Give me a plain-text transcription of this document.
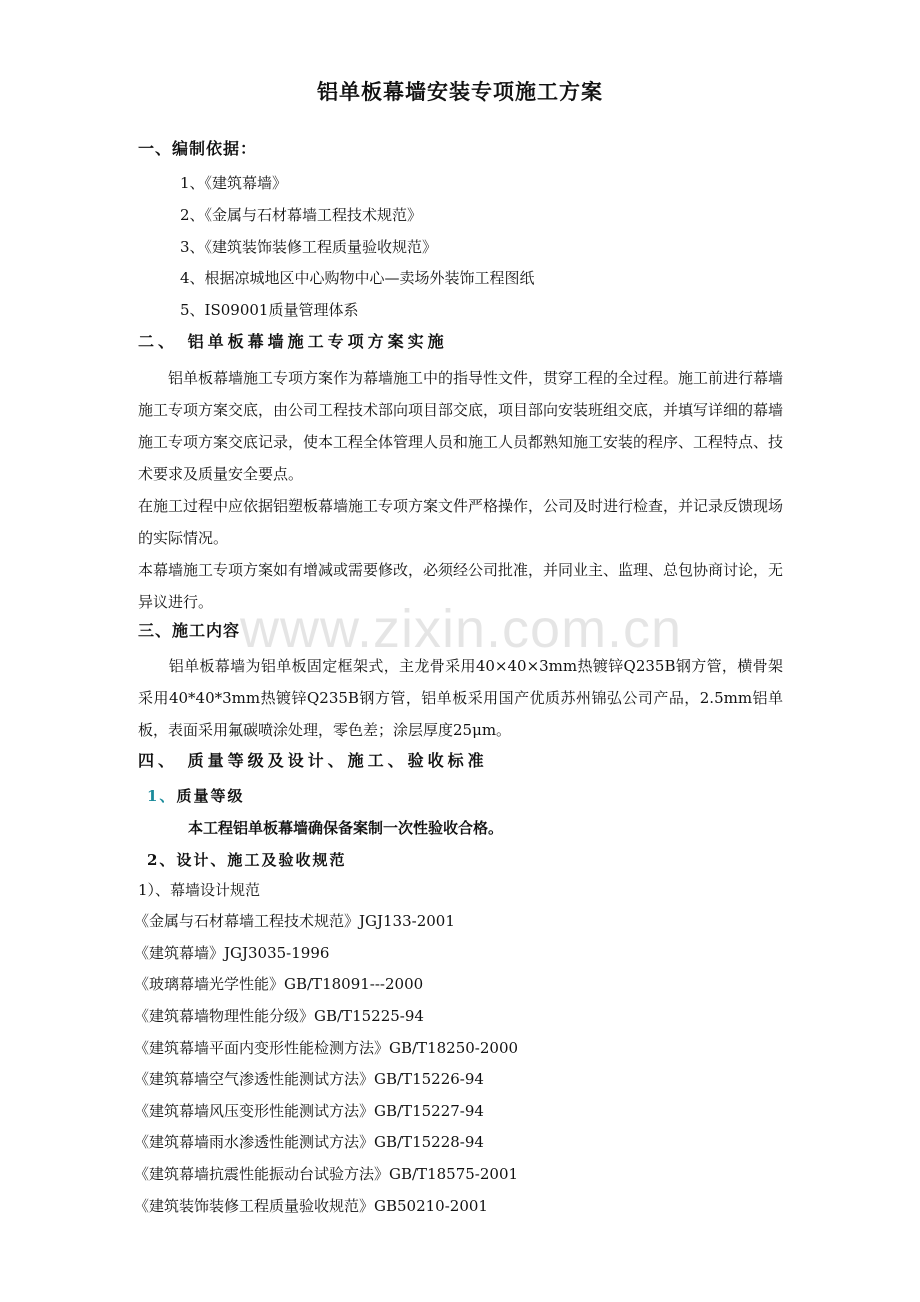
铝单板幕墙安装专项施工方案
一、编制依据：
1、《建筑幕墙》
2、《金属与石材幕墙工程技术规范》
3、《建筑装饰装修工程质量验收规范》
4、根据凉城地区中心购物中心—卖场外装饰工程图纸
5、IS09001质量管理体系
二、 铝单板幕墙施工专项方案实施
　　铝单板幕墙施工专项方案作为幕墙施工中的指导性文件，贯穿工程的全过程。施工前进行幕墙施工专项方案交底，由公司工程技术部向项目部交底，项目部向安装班组交底，并填写详细的幕墙施工专项方案交底记录，使本工程全体管理人员和施工人员都熟知施工安装的程序、工程特点、技术要求及质量安全要点。
在施工过程中应依据铝塑板幕墙施工专项方案文件严格操作，公司及时进行检查，并记录反馈现场的实际情况。
本幕墙施工专项方案如有增减或需要修改，必须经公司批准，并同业主、监理、总包协商讨论，无异议进行。
三、施工内容
　　铝单板幕墙为铝单板固定框架式，主龙骨采用40×40×3mm热镀锌Q235B钢方管，横骨架采用40*40*3mm热镀锌Q235B钢方管，铝单板采用国产优质苏州锦弘公司产品，2.5mm铝单板，表面采用氟碳喷涂处理，零色差；涂层厚度25μm。
四、 质量等级及设计、施工、验收标准
1、质量等级
本工程铝单板幕墙确保备案制一次性验收合格。
2、设计、施工及验收规范
1）、幕墙设计规范
《金属与石材幕墙工程技术规范》JGJ133-2001
《建筑幕墙》JGJ3035-1996
《玻璃幕墙光学性能》GB/T18091---2000
《建筑幕墙物理性能分级》GB/T15225-94
《建筑幕墙平面内变形性能检测方法》GB/T18250-2000
《建筑幕墙空气渗透性能测试方法》GB/T15226-94
《建筑幕墙风压变形性能测试方法》GB/T15227-94
《建筑幕墙雨水渗透性能测试方法》GB/T15228-94
《建筑幕墙抗震性能振动台试验方法》GB/T18575-2001
《建筑装饰装修工程质量验收规范》GB50210-2001
www.zixin.com.cn
